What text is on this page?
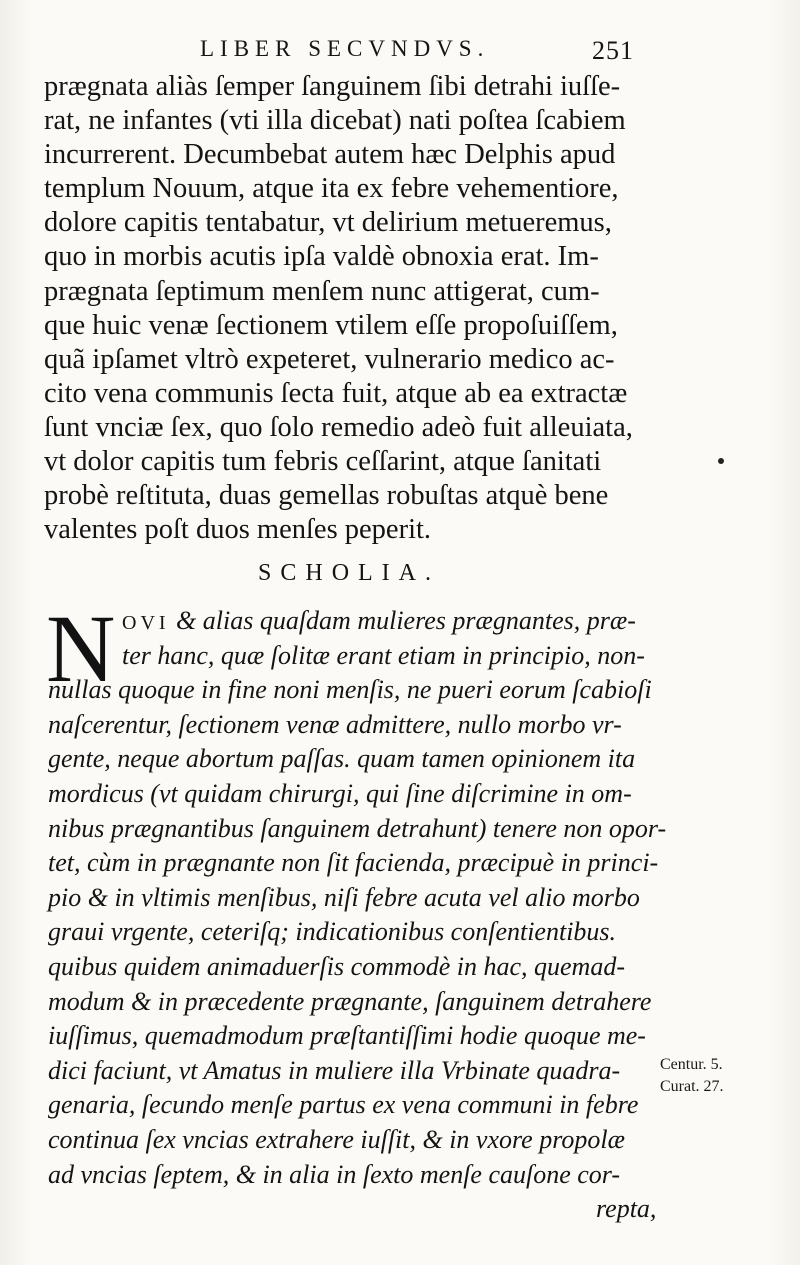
LIBER SECVNDVS.	251
prægnata aliàs ſemper ſanguinem ſibi detrahi iuſſe-
rat, ne infantes (vti illa dicebat) nati poſtea ſcabiem
incurrerent. Decumbebat autem hæc Delphis apud
templum Nouum, atque ita ex febre vehementiore,
dolore capitis tentabatur, vt delirium metueremus,
quo in morbis acutis ipſa valdè obnoxia erat. Im-
prægnata ſeptimum menſem nunc attigerat, cum-
que huic venæ ſectionem vtilem eſſe propoſuiſſem,
quã ipſamet vltrò expeteret, vulnerario medico ac-
cito vena communis ſecta fuit, atque ab ea extractæ
ſunt vnciæ ſex, quo ſolo remedio adeò fuit alleuiata,
vt dolor capitis tum febris ceſſarint, atque ſanitati
probè reſtituta, duas gemellas robuſtas atquè bene
valentes poſt duos menſes peperit.
SCHOLIA.
N OVI & alias quaſdam mulieres prægnantes, præ-
ter hanc, quæ ſolitæ erant etiam in principio, non-
nullas quoque in fine noni menſis, ne pueri eorum ſcabioſi
naſcerentur, ſectionem venæ admittere, nullo morbo vr-
gente, neque abortum paſſas. quam tamen opinionem ita
mordicus (vt quidam chirurgi, qui ſine diſcrimine in om-
nibus prægnantibus ſanguinem detrahunt) tenere non opor-
tet, cùm in prægnante non ſit facienda, præcipuè in princi-
pio & in vltimis menſibus, niſi febre acuta vel alio morbo
graui vrgente, ceteriſq; indicationibus conſentientibus.
quibus quidem animaduerſis commodè in hac, quemad-
modum & in præcedente prægnante, ſanguinem detrahere
iuſſimus, quemadmodum præſtantiſſimi hodie quoque me-
dici faciunt, vt Amatus in muliere illa Vrbinate quadra-
genaria, ſecundo menſe partus ex vena communi in febre
continua ſex vncias extrahere iuſſit, & in vxore propolæ
ad vncias ſeptem, & in alia in ſexto menſe cauſone cor-
repta,
Centur. 5.
Curat. 27.
